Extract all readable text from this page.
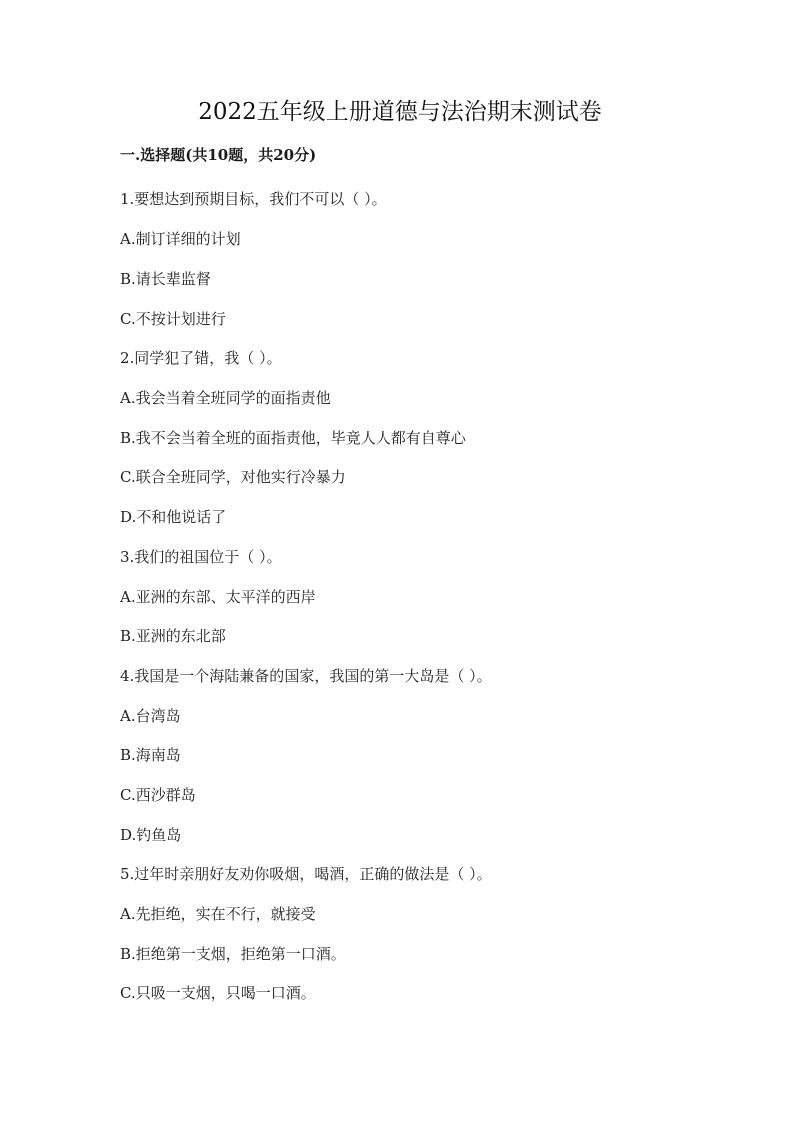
2022五年级上册道德与法治期末测试卷
一.选择题(共10题，共20分)
1.要想达到预期目标，我们不可以（ ）。
A.制订详细的计划
B.请长辈监督
C.不按计划进行
2.同学犯了错，我（ ）。
A.我会当着全班同学的面指责他
B.我不会当着全班的面指责他，毕竟人人都有自尊心
C.联合全班同学，对他实行冷暴力
D.不和他说话了
3.我们的祖国位于（ ）。
A.亚洲的东部、太平洋的西岸
B.亚洲的东北部
4.我国是一个海陆兼备的国家，我国的第一大岛是（ ）。
A.台湾岛
B.海南岛
C.西沙群岛
D.钓鱼岛
5.过年时亲朋好友劝你吸烟，喝酒，正确的做法是（ ）。
A.先拒绝，实在不行，就接受
B.拒绝第一支烟，拒绝第一口酒。
C.只吸一支烟，只喝一口酒。
